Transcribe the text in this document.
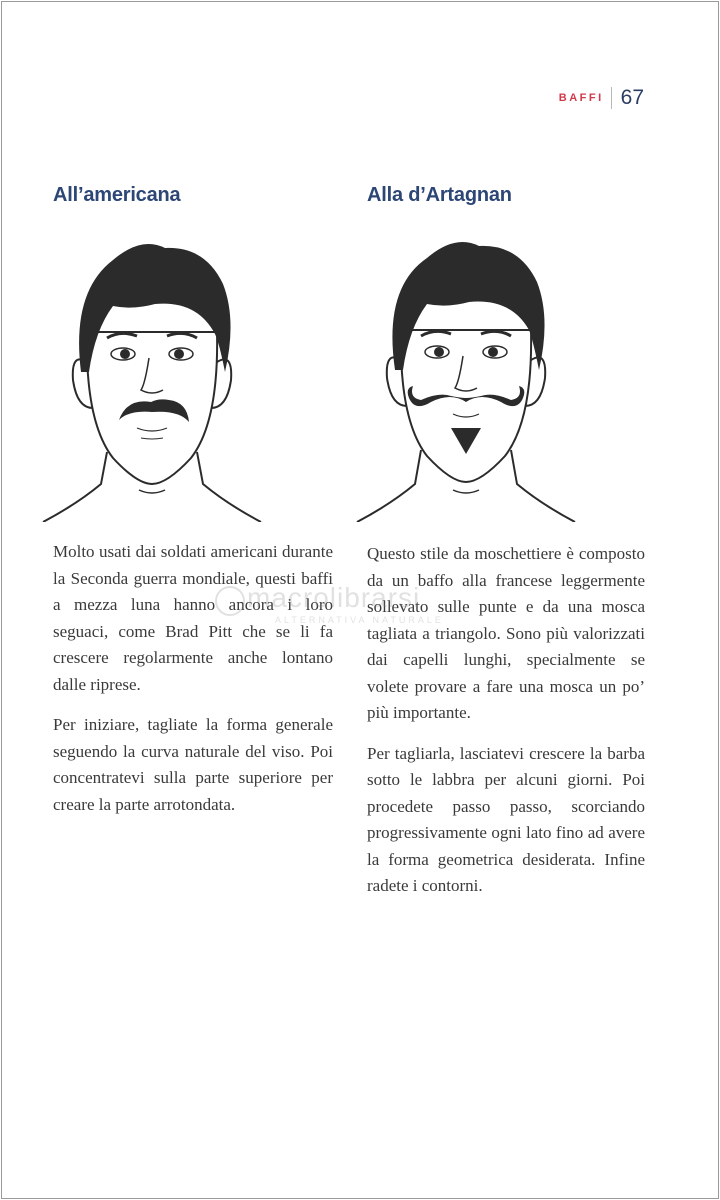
BAFFI 67
All’americana	Alla d’Artagnan

Molto usati dai soldati americani durante la Seconda guerra mondiale, questi baffi a mezza luna hanno ancora i loro seguaci, come Brad Pitt che se li fa crescere regolarmente anche lontano dalle riprese.

Per iniziare, tagliate la forma generale seguendo la curva naturale del viso. Poi concentratevi sulla parte superiore per creare la parte arrotondata.

Questo stile da moschettiere è composto da un baffo alla francese leggermente sollevato sulle punte e da una mosca tagliata a triangolo. Sono più valorizzati dai capelli lunghi, specialmente se volete provare a fare una mosca un po’ più importante.

Per tagliarla, lasciatevi crescere la barba sotto le labbra per alcuni giorni. Poi procedete passo passo, scorciando progressivamente ogni lato fino ad avere la forma geometrica desiderata. Infine radete i contorni.

macrolibrarsi
ALTERNATIVA NATURALE
